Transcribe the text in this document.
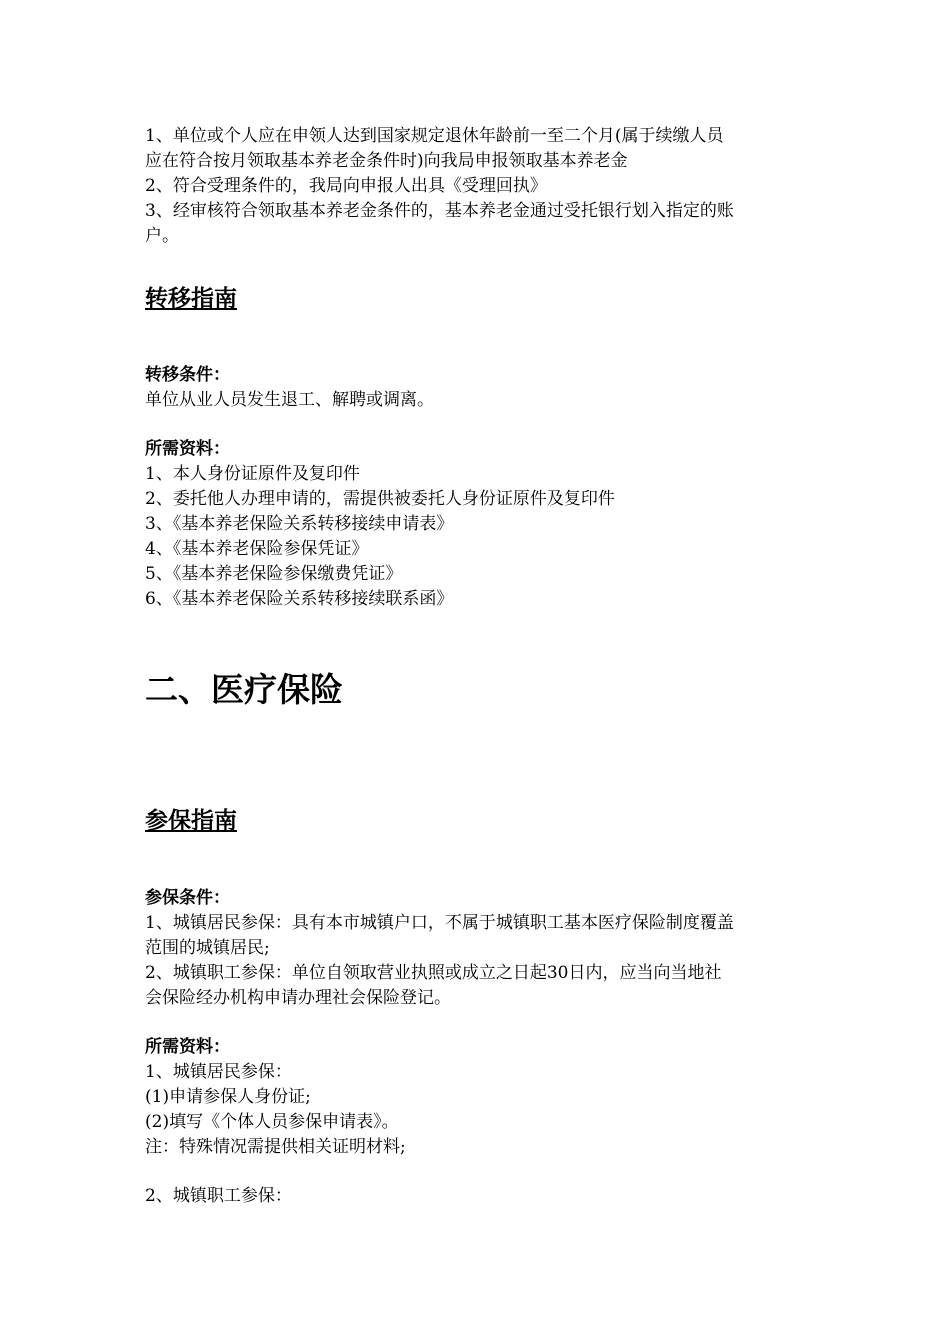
1、单位或个人应在申领人达到国家规定退休年龄前一至二个月(属于续缴人员
应在符合按月领取基本养老金条件时)向我局申报领取基本养老金
2、符合受理条件的，我局向申报人出具《受理回执》
3、经审核符合领取基本养老金条件的，基本养老金通过受托银行划入指定的账
户。
转移指南
转移条件：
单位从业人员发生退工、解聘或调离。
所需资料：
1、本人身份证原件及复印件
2、委托他人办理申请的，需提供被委托人身份证原件及复印件
3、《基本养老保险关系转移接续申请表》
4、《基本养老保险参保凭证》
5、《基本养老保险参保缴费凭证》
6、《基本养老保险关系转移接续联系函》
二、医疗保险
参保指南
参保条件：
1、城镇居民参保：具有本市城镇户口，不属于城镇职工基本医疗保险制度覆盖
范围的城镇居民;
2、城镇职工参保：单位自领取营业执照或成立之日起30日内，应当向当地社
会保险经办机构申请办理社会保险登记。
所需资料：
1、城镇居民参保：
(1)申请参保人身份证;
(2)填写《个体人员参保申请表》。
注：特殊情况需提供相关证明材料;
2、城镇职工参保：
